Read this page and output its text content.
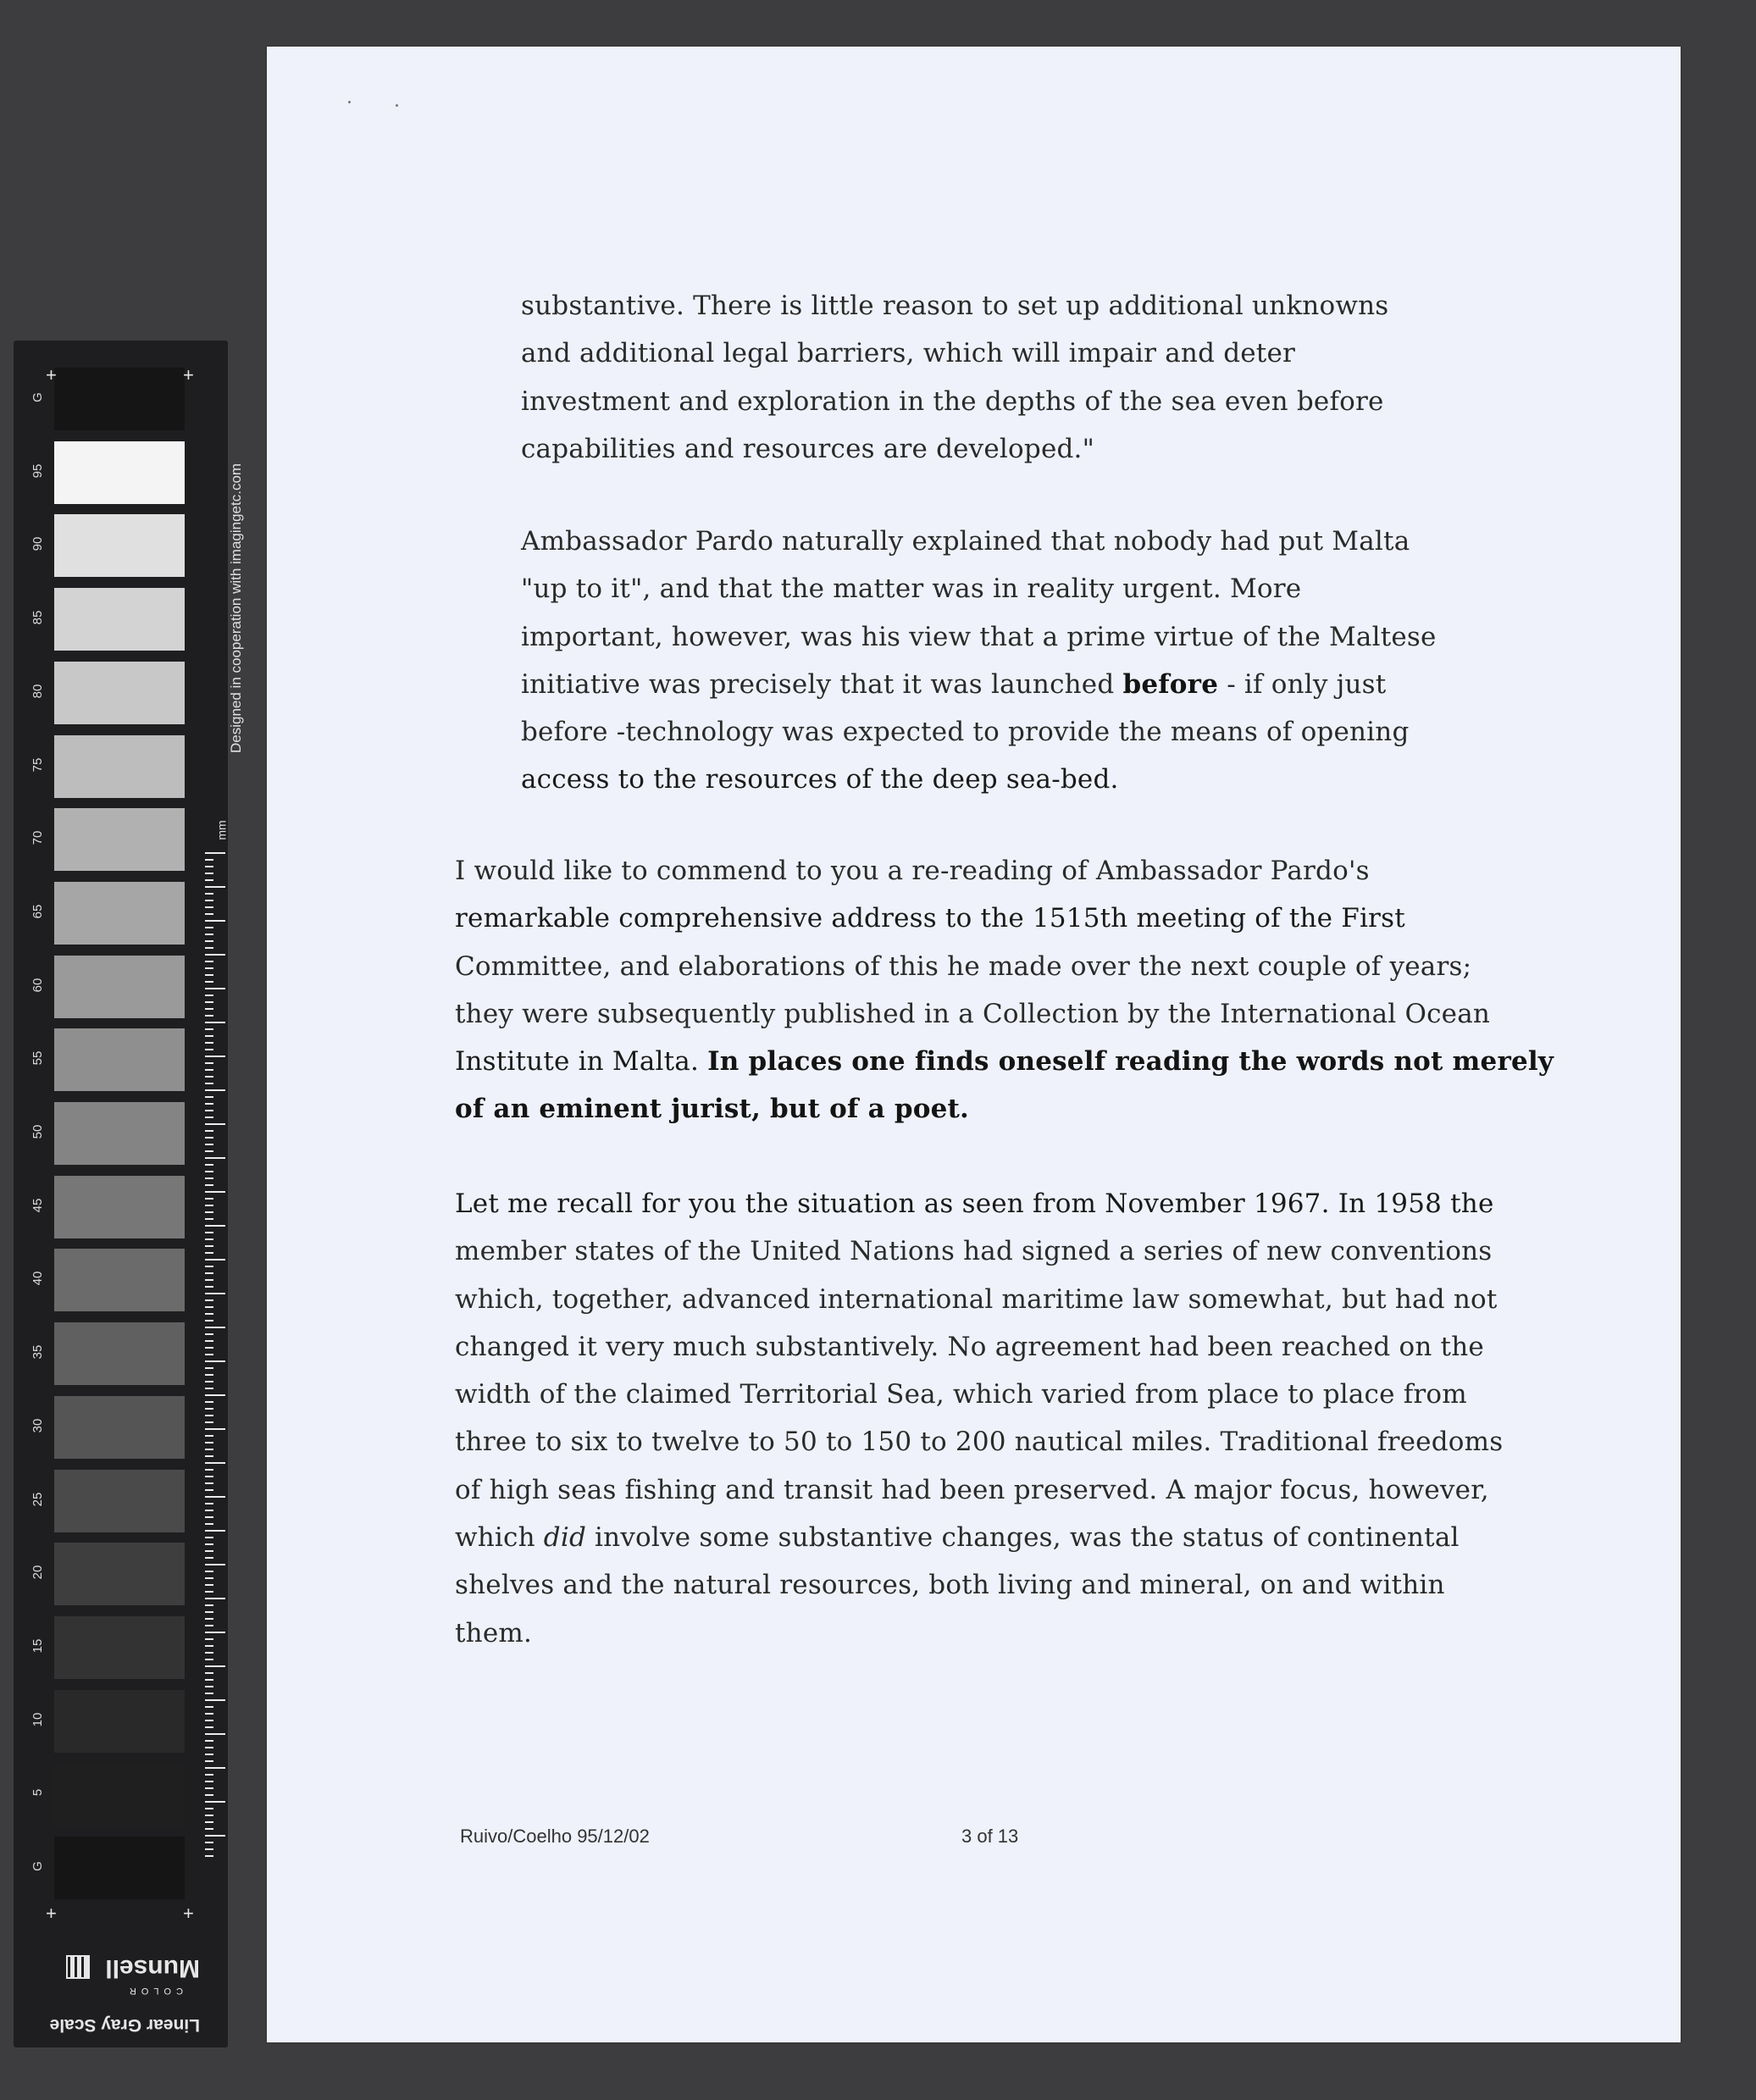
G
95
90
85
80
75
70
65
60
55
50
45
40
35
30
25
20
15
10
5
G
+	+
+	+
Designed in cooperation with imagingetc.com
mm
Linear Gray Scale
COLOR
Munsell

substantive. There is little reason to set up additional unknowns
and additional legal barriers, which will impair and deter
investment and exploration in the depths of the sea even before
capabilities and resources are developed."

Ambassador Pardo naturally explained that nobody had put Malta
"up to it", and that the matter was in reality urgent. More
important, however, was his view that a prime virtue of the Maltese
initiative was precisely that it was launched before - if only just
before -technology was expected to provide the means of opening
access to the resources of the deep sea-bed.

I would like to commend to you a re-reading of Ambassador Pardo's
remarkable comprehensive address to the 1515th meeting of the First
Committee, and elaborations of this he made over the next couple of years;
they were subsequently published in a Collection by the International Ocean
Institute in Malta. In places one finds oneself reading the words not merely
of an eminent jurist, but of a poet.

Let me recall for you the situation as seen from November 1967. In 1958 the
member states of the United Nations had signed a series of new conventions
which, together, advanced international maritime law somewhat, but had not
changed it very much substantively. No agreement had been reached on the
width of the claimed Territorial Sea, which varied from place to place from
three to six to twelve to 50 to 150 to 200 nautical miles. Traditional freedoms
of high seas fishing and transit had been preserved. A major focus, however,
which did involve some substantive changes, was the status of continental
shelves and the natural resources, both living and mineral, on and within
them.

Ruivo/Coelho 95/12/02	3 of 13
